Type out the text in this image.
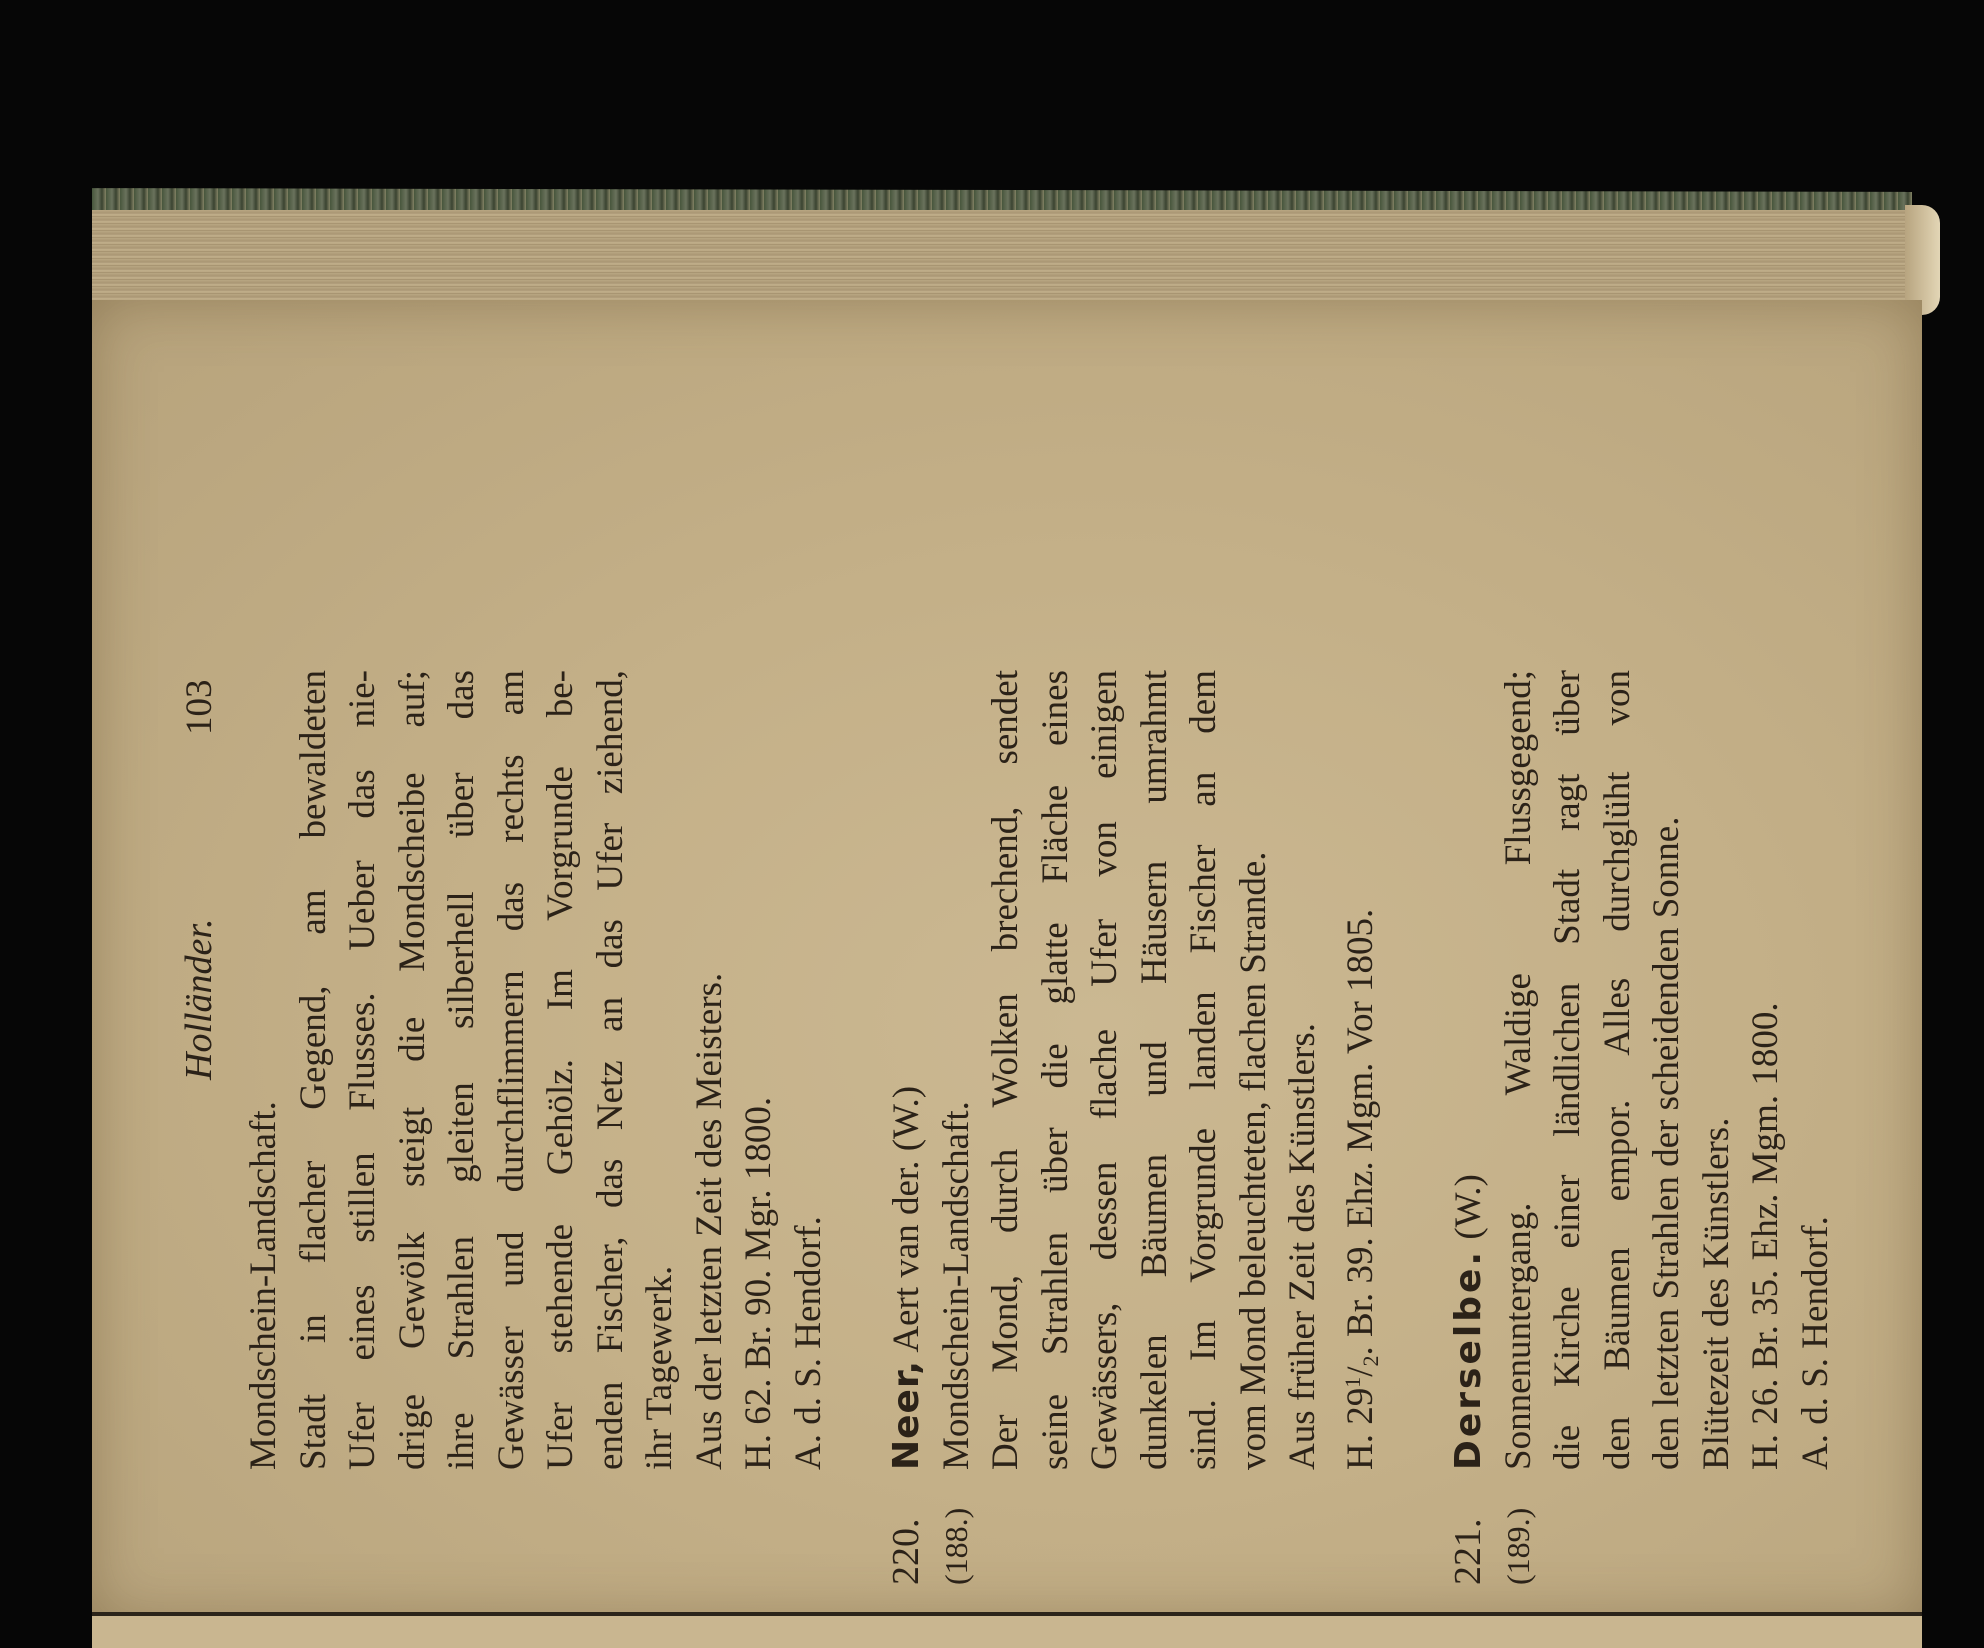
Holländer.
103
Mondschein-Landschaft. Stadt in flacher Gegend, am bewaldeten Ufer eines stillen Flusses. Ueber das nie- drige Gewölk steigt die Mondscheibe auf; ihre Strahlen gleiten silberhell über das Gewässer und durchflimmern das rechts am Ufer stehende Gehölz. Im Vorgrunde be- enden Fischer, das Netz an das Ufer ziehend, ihr Tagewerk. Aus der letzten Zeit des Meisters. H. 62. Br. 90. Mgr. 1800. A. d. S. Hendorf.
220. (188.)
Neer, Aert van der. (W.) Mondschein-Landschaft. Der Mond, durch Wolken brechend, sendet seine Strahlen über die glatte Fläche eines Gewässers, dessen flache Ufer von einigen dunkelen Bäumen und Häusern umrahmt sind. Im Vorgrunde landen Fischer an dem vom Mond beleuchteten, flachen Strande. Aus früher Zeit des Künstlers. H. $29^1/_2$. Br. 39. Ehz. Mgm. Vor 1805.
221. (189.)
Derselbe. (W.) Sonnenuntergang. Waldige Flussgegend; die Kirche einer ländlichen Stadt ragt über den Bäumen empor. Alles durchglüht von den letzten Strahlen der scheidenden Sonne. Blütezeit des Künstlers. H. 26. Br. 35. Ehz. Mgm. 1800. A. d. S. Hendorf.
